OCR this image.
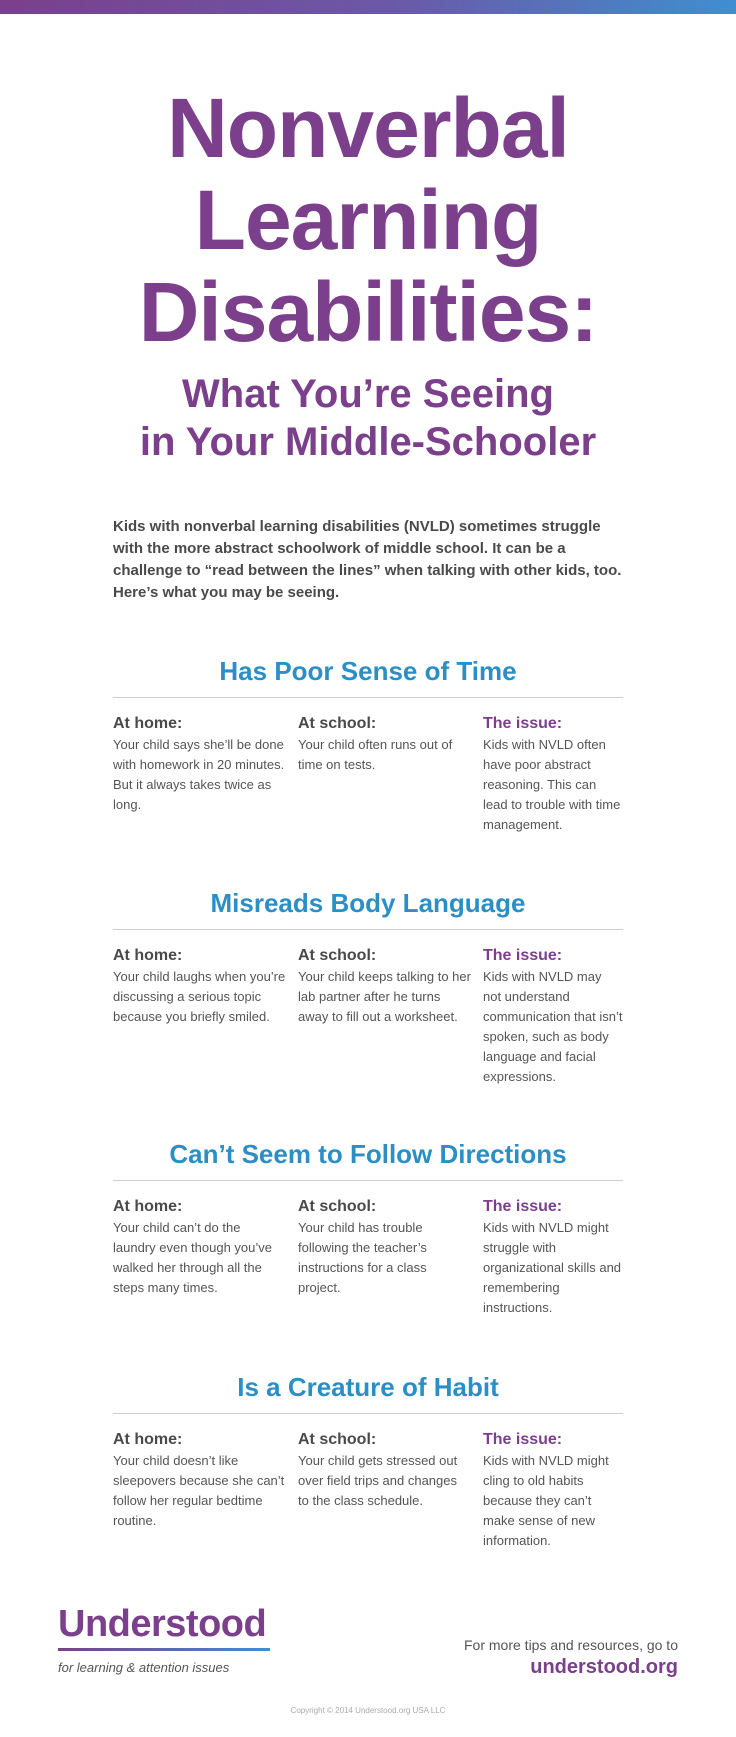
Nonverbal
Learning
Disabilities:
What You’re Seeing
in Your Middle-Schooler

Kids with nonverbal learning disabilities (NVLD) sometimes struggle with the more abstract schoolwork of middle school. It can be a challenge to “read between the lines” when talking with other kids, too. Here’s what you may be seeing.

Has Poor Sense of Time
At home:
Your child says she’ll be done with homework in 20 minutes. But it always takes twice as long.
At school:
Your child often runs out of time on tests.
The issue:
Kids with NVLD often have poor abstract reasoning. This can lead to trouble with time management.
Misreads Body Language
At home:
Your child laughs when you’re discussing a serious topic because you briefly smiled.
At school:
Your child keeps talking to her lab partner after he turns away to fill out a worksheet.
The issue:
Kids with NVLD may not understand communication that isn’t spoken, such as body language and facial expressions.
Can’t Seem to Follow Directions
At home:
Your child can’t do the laundry even though you’ve walked her through all the steps many times.
At school:
Your child has trouble following the teacher’s instructions for a class project.
The issue:
Kids with NVLD might struggle with organizational skills and remembering instructions.
Is a Creature of Habit
At home:
Your child doesn’t like sleepovers because she can’t follow her regular bedtime routine.
At school:
Your child gets stressed out over field trips and changes to the class schedule.
The issue:
Kids with NVLD might cling to old habits because they can’t make sense of new information.
Understood
for learning & attention issues
For more tips and resources, go to
understood.org
Copyright © 2014 Understood.org USA LLC
